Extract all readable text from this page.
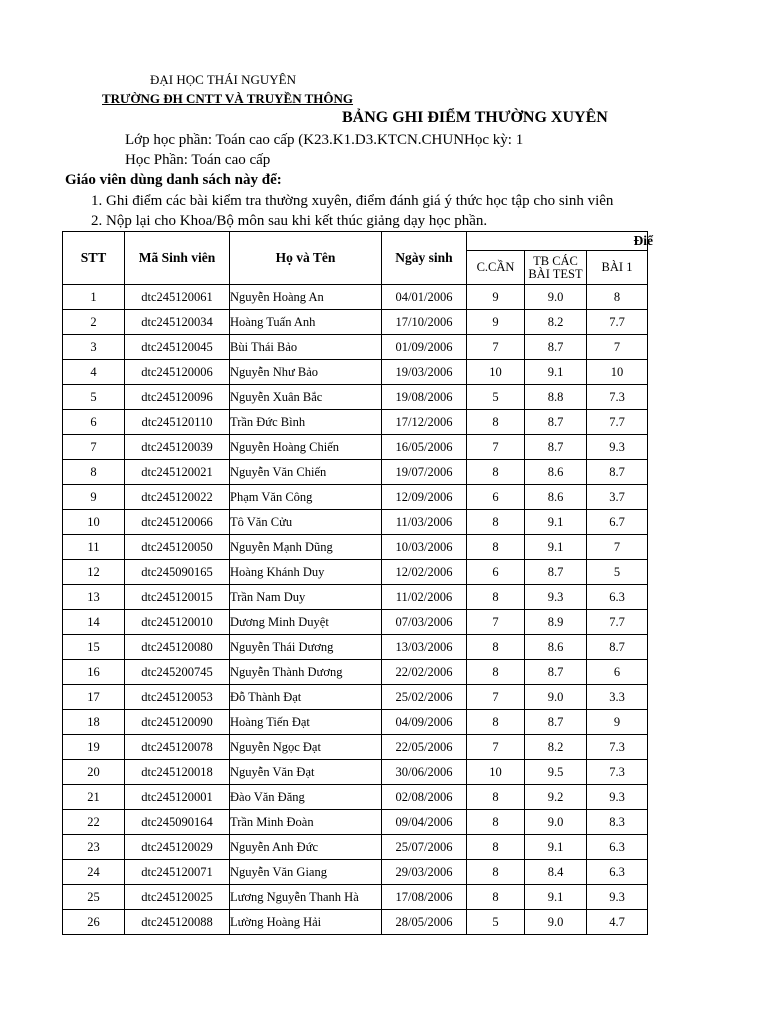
ĐẠI HỌC THÁI NGUYÊN
TRƯỜNG ĐH CNTT VÀ TRUYỀN THÔNG
BẢNG GHI ĐIỂM THƯỜNG XUYÊN
Lớp học phần: Toán cao cấp (K23.K1.D3.KTCN.CHUNHọc kỳ: 1
Học Phần: Toán cao cấp
Giáo viên dùng danh sách này để:
1. Ghi điểm các bài kiểm tra thường xuyên, điểm đánh giá ý thức học tập cho sinh viên
2. Nộp lại cho Khoa/Bộ môn sau khi kết thúc giảng dạy học phần.
STT	Mã Sinh viên	Họ và Tên	Ngày sinh	Điể		
				C.CẦN	TB CÁC
BÀI TEST	BÀI 1
1	dtc245120061	Nguyễn Hoàng An	04/01/2006	9	9.0	8
2	dtc245120034	Hoàng Tuấn Anh	17/10/2006	9	8.2	7.7
3	dtc245120045	Bùi Thái Bảo	01/09/2006	7	8.7	7
4	dtc245120006	Nguyễn Như Bảo	19/03/2006	10	9.1	10
5	dtc245120096	Nguyễn Xuân Bắc	19/08/2006	5	8.8	7.3
6	dtc245120110	Trần Đức Bình	17/12/2006	8	8.7	7.7
7	dtc245120039	Nguyễn Hoàng Chiến	16/05/2006	7	8.7	9.3
8	dtc245120021	Nguyễn Văn Chiến	19/07/2006	8	8.6	8.7
9	dtc245120022	Phạm Văn Công	12/09/2006	6	8.6	3.7
10	dtc245120066	Tô Văn Cửu	11/03/2006	8	9.1	6.7
11	dtc245120050	Nguyễn Mạnh Dũng	10/03/2006	8	9.1	7
12	dtc245090165	Hoàng Khánh Duy	12/02/2006	6	8.7	5
13	dtc245120015	Trần Nam Duy	11/02/2006	8	9.3	6.3
14	dtc245120010	Dương Minh Duyệt	07/03/2006	7	8.9	7.7
15	dtc245120080	Nguyễn Thái Dương	13/03/2006	8	8.6	8.7
16	dtc245200745	Nguyễn Thành Dương	22/02/2006	8	8.7	6
17	dtc245120053	Đỗ Thành Đạt	25/02/2006	7	9.0	3.3
18	dtc245120090	Hoàng Tiến Đạt	04/09/2006	8	8.7	9
19	dtc245120078	Nguyễn Ngọc Đạt	22/05/2006	7	8.2	7.3
20	dtc245120018	Nguyễn Văn Đạt	30/06/2006	10	9.5	7.3
21	dtc245120001	Đào Văn Đăng	02/08/2006	8	9.2	9.3
22	dtc245090164	Trần Minh Đoàn	09/04/2006	8	9.0	8.3
23	dtc245120029	Nguyễn Anh Đức	25/07/2006	8	9.1	6.3
24	dtc245120071	Nguyễn Văn Giang	29/03/2006	8	8.4	6.3
25	dtc245120025	Lương Nguyễn Thanh Hà	17/08/2006	8	9.1	9.3
26	dtc245120088	Lường Hoàng Hải	28/05/2006	5	9.0	4.7
